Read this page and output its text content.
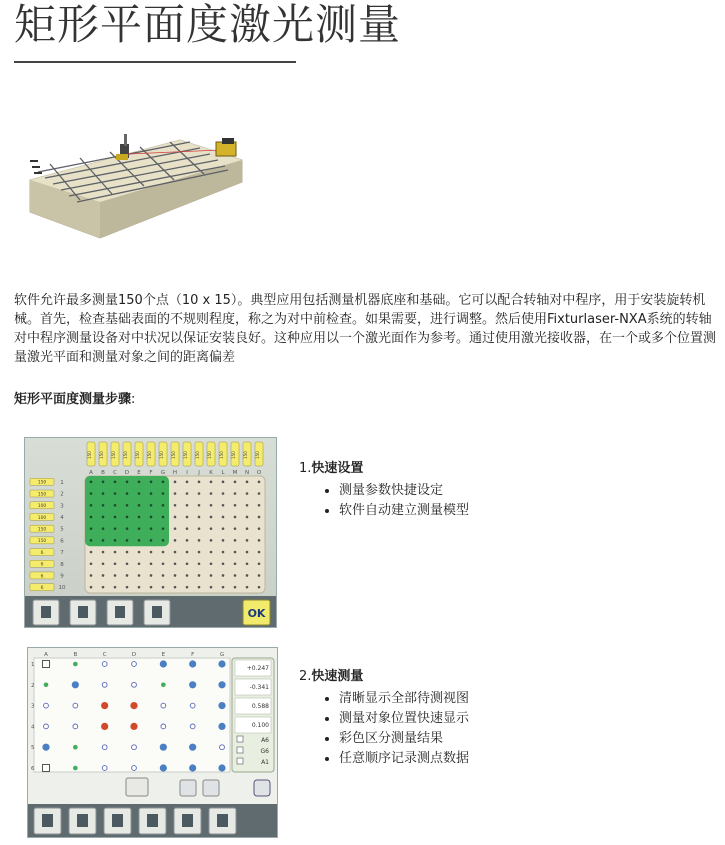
矩形平面度激光测量
软件允许最多测量150个点（10 x 15）。典型应用包括测量机器底座和基础。它可以配合转轴对中程序，用于安装旋转机械。首先，检查基础表面的不规则程度，称之为对中前检查。如果需要，进行调整。然后使用Fixturlaser-NXA系统的转轴对中程序测量设备对中状况以保证安装良好。这种应用以一个激光面作为参考。通过使用激光接收器，在一个或多个位置测量激光平面和测量对象之间的距离偏差
矩形平面度测量步骤:
150
A
150
B
150
C
150
D
150
E
150
F
150
G
150
H
150
I
150
J
150
K
150
L
150
M
150
N
150
O
150	1
150	2
100	3
100	4
150	5
150	6
6	7
6	8
6	9
6	10
OK
A	B	C	D	E	F	G
1
2
3
4
5
6
+0.247
-0.341
0.588
0.100
A6
G6
A1
1.快速设置
• 测量参数快捷设定
• 软件自动建立测量模型
2.快速测量
• 清晰显示全部待测视图
• 测量对象位置快速显示
• 彩色区分测量结果
• 任意顺序记录测点数据
